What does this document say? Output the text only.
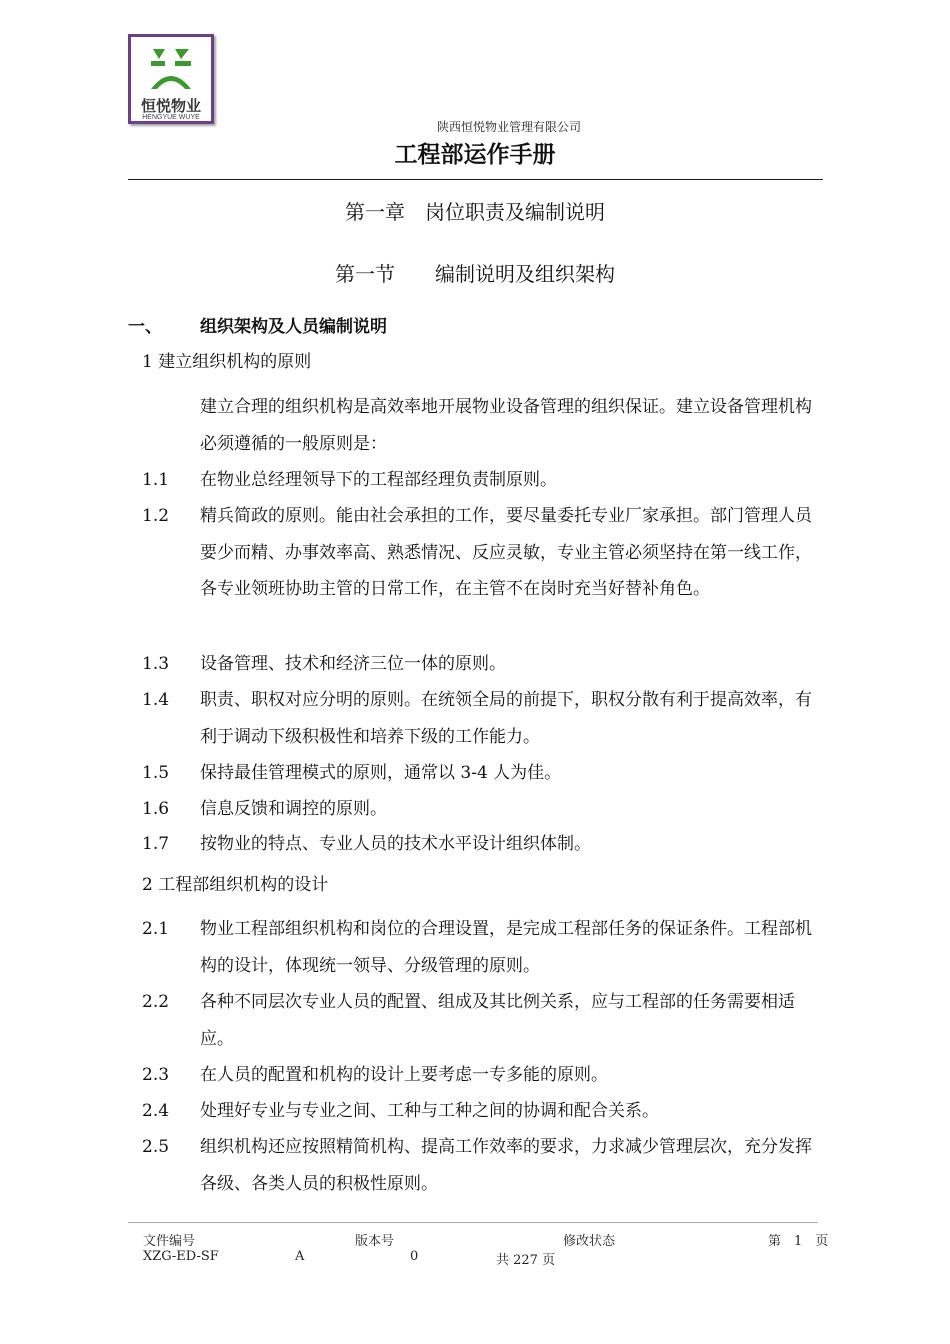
恒悦物业
HENGYUE WUYE
陕西恒悦物业管理有限公司
工程部运作手册
第一章　岗位职责及编制说明
第一节　　编制说明及组织架构
一、 组织架构及人员编制说明
1 建立组织机构的原则
建立合理的组织机构是高效率地开展物业设备管理的组织保证。建立设备管理机构必须遵循的一般原则是：
1.1 在物业总经理领导下的工程部经理负责制原则。
1.2 精兵简政的原则。能由社会承担的工作，要尽量委托专业厂家承担。部门管理人员要少而精、办事效率高、熟悉情况、反应灵敏，专业主管必须坚持在第一线工作，各专业领班协助主管的日常工作，在主管不在岗时充当好替补角色。
1.3 设备管理、技术和经济三位一体的原则。
1.4 职责、职权对应分明的原则。在统领全局的前提下，职权分散有利于提高效率，有利于调动下级积极性和培养下级的工作能力。
1.5 保持最佳管理模式的原则，通常以 3-4 人为佳。
1.6 信息反馈和调控的原则。
1.7 按物业的特点、专业人员的技术水平设计组织体制。
2 工程部组织机构的设计
2.1 物业工程部组织机构和岗位的合理设置，是完成工程部任务的保证条件。工程部机构的设计，体现统一领导、分级管理的原则。
2.2 各种不同层次专业人员的配置、组成及其比例关系，应与工程部的任务需要相适应。
2.3 在人员的配置和机构的设计上要考虑一专多能的原则。
2.4 处理好专业与专业之间、工种与工种之间的协调和配合关系。
2.5 组织机构还应按照精简机构、提高工作效率的要求，力求减少管理层次，充分发挥各级、各类人员的积极性原则。
文件编号	版本号	修改状态	第　1　页
XZG-ED-SF	A	0	共 227 页
